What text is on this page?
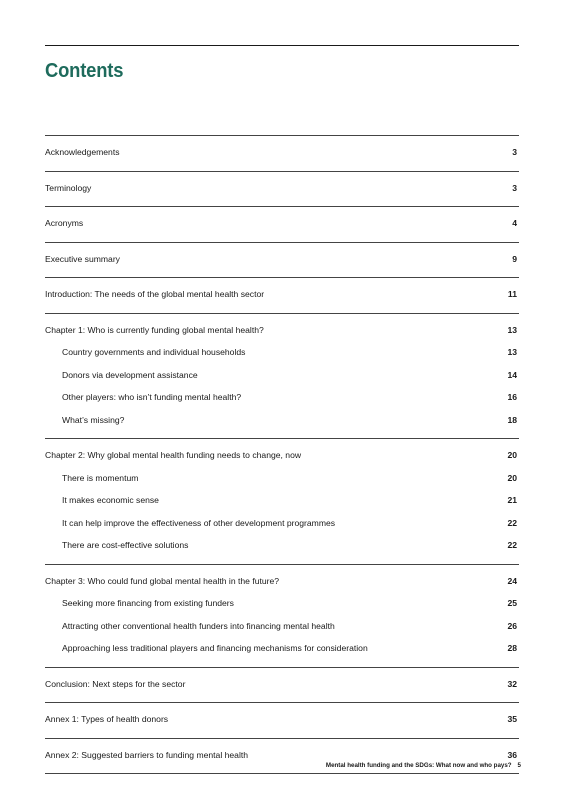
Contents
Acknowledgements	3
Terminology	3
Acronyms	4
Executive summary	9
Introduction: The needs of the global mental health sector	11
Chapter 1: Who is currently funding global mental health?	13
Country governments and individual households	13
Donors via development assistance	14
Other players: who isn’t funding mental health?	16
What’s missing?	18
Chapter 2: Why global mental health funding needs to change, now	20
There is momentum	20
It makes economic sense	21
It can help improve the effectiveness of other development programmes	22
There are cost-effective solutions	22
Chapter 3: Who could fund global mental health in the future?	24
Seeking more financing from existing funders	25
Attracting other conventional health funders into financing mental health	26
Approaching less traditional players and financing mechanisms for consideration	28
Conclusion: Next steps for the sector	32
Annex 1: Types of health donors	35
Annex 2: Suggested barriers to funding mental health	36
Mental health funding and the SDGs: What now and who pays? 5
